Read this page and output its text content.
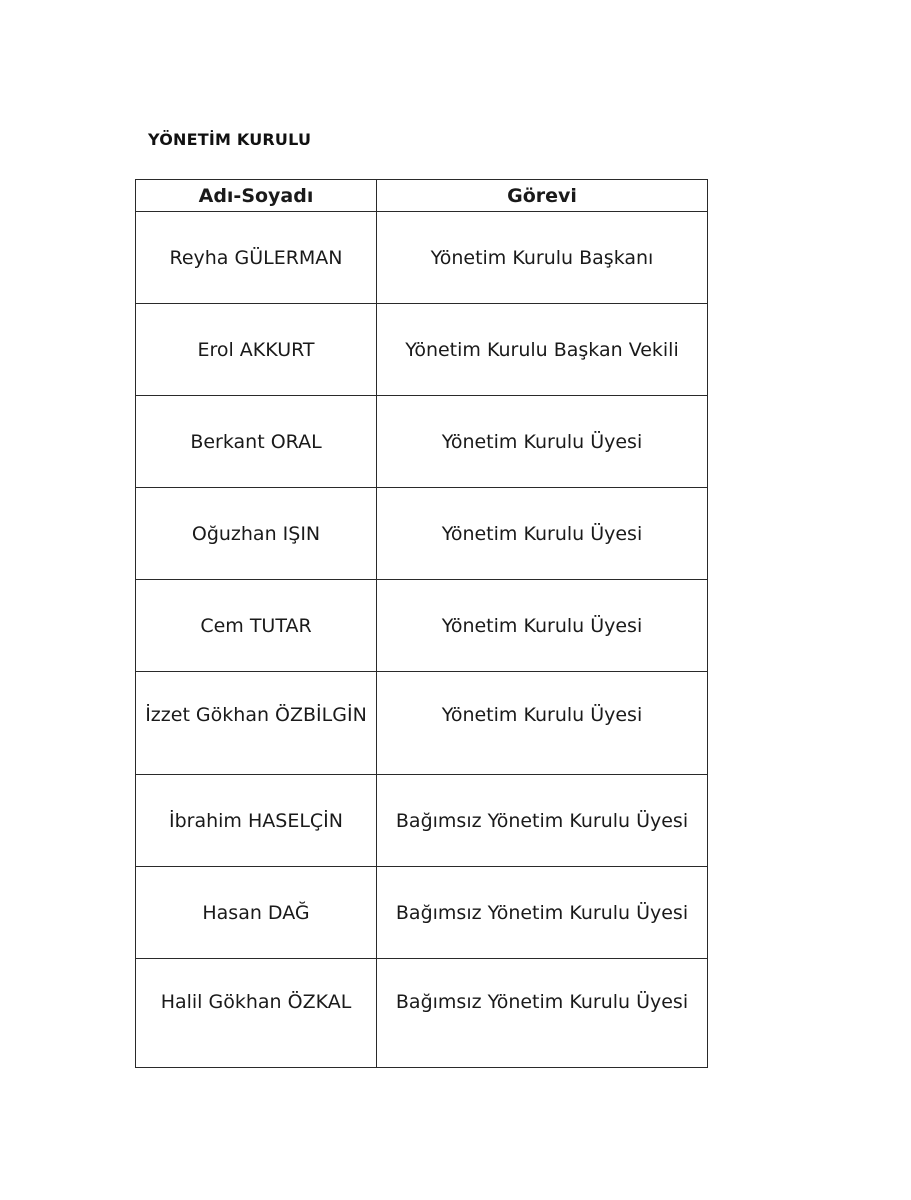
YÖNETİM KURULU
Adı-Soyadı	Görevi
Reyha GÜLERMAN	Yönetim Kurulu Başkanı
Erol AKKURT	Yönetim Kurulu Başkan Vekili
Berkant ORAL	Yönetim Kurulu Üyesi
Oğuzhan IŞIN	Yönetim Kurulu Üyesi
Cem TUTAR	Yönetim Kurulu Üyesi
İzzet Gökhan ÖZBİLGİN	Yönetim Kurulu Üyesi
İbrahim HASELÇİN	Bağımsız Yönetim Kurulu Üyesi
Hasan DAĞ	Bağımsız Yönetim Kurulu Üyesi
Halil Gökhan ÖZKAL	Bağımsız Yönetim Kurulu Üyesi
